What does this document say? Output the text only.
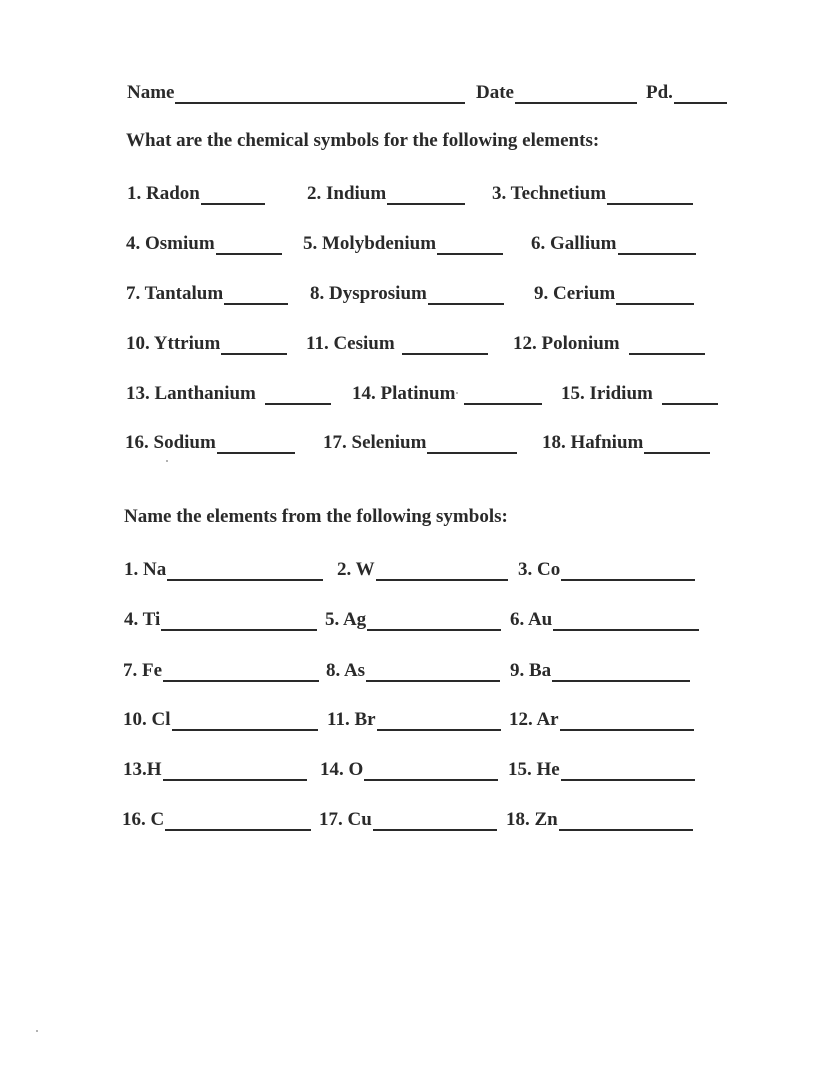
Name	Date	Pd.
What are the chemical symbols for the following elements:
1. Radon	2. Indium	3. Technetium
4. Osmium	5. Molybdenium	6. Gallium
7. Tantalum	8. Dysprosium	9. Cerium
10. Yttrium	11. Cesium	12. Polonium
13. Lanthanium	14. Platinum	15. Iridium
16. Sodium	17. Selenium	18. Hafnium
Name the elements from the following symbols:
1. Na	2. W	3. Co
4. Ti	5. Ag	6. Au
7. Fe	8. As	9. Ba
10. Cl	11. Br	12. Ar
13.H	14. O	15. He
16. C	17. Cu	18. Zn
